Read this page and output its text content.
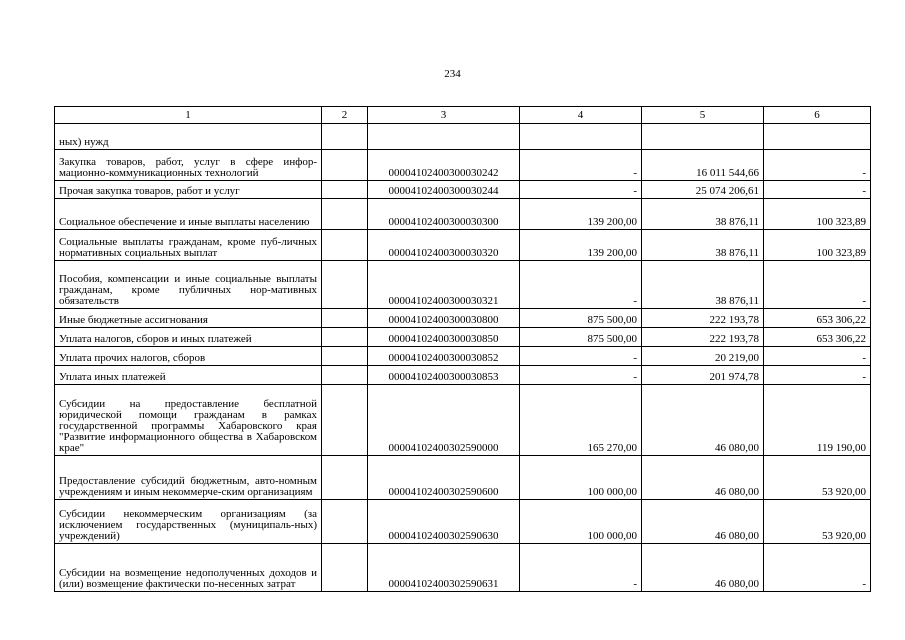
234
1	2	3	4	5	6
ных) нужд					
Закупка товаров, работ, услуг в сфере инфор-мационно-коммуникационных технологий		00004102400300030242	-	16 011 544,66	-
Прочая закупка товаров, работ и услуг		00004102400300030244	-	25 074 206,61	-
Социальное обеспечение и иные выплаты населению		00004102400300030300	139 200,00	38 876,11	100 323,89
Социальные выплаты гражданам, кроме пуб-личных нормативных социальных выплат		00004102400300030320	139 200,00	38 876,11	100 323,89
Пособия, компенсации и иные социальные выплаты гражданам, кроме публичных нор-мативных обязательств		00004102400300030321	-	38 876,11	-
Иные бюджетные ассигнования		00004102400300030800	875 500,00	222 193,78	653 306,22
Уплата налогов, сборов и иных платежей		00004102400300030850	875 500,00	222 193,78	653 306,22
Уплата прочих налогов, сборов		00004102400300030852	-	20 219,00	-
Уплата иных платежей		00004102400300030853	-	201 974,78	-
Субсидии на предоставление бесплатной юридической помощи гражданам в рамках государственной программы Хабаровского края "Развитие информационного общества в Хабаровском крае"		00004102400302590000	165 270,00	46 080,00	119 190,00
Предоставление субсидий бюджетным, авто-номным учреждениям и иным некоммерче-ским организациям		00004102400302590600	100 000,00	46 080,00	53 920,00
Субсидии некоммерческим организациям (за исключением государственных (муниципаль-ных) учреждений)		00004102400302590630	100 000,00	46 080,00	53 920,00
Субсидии на возмещение недополученных доходов и (или) возмещение фактически по-несенных затрат		00004102400302590631	-	46 080,00	-
